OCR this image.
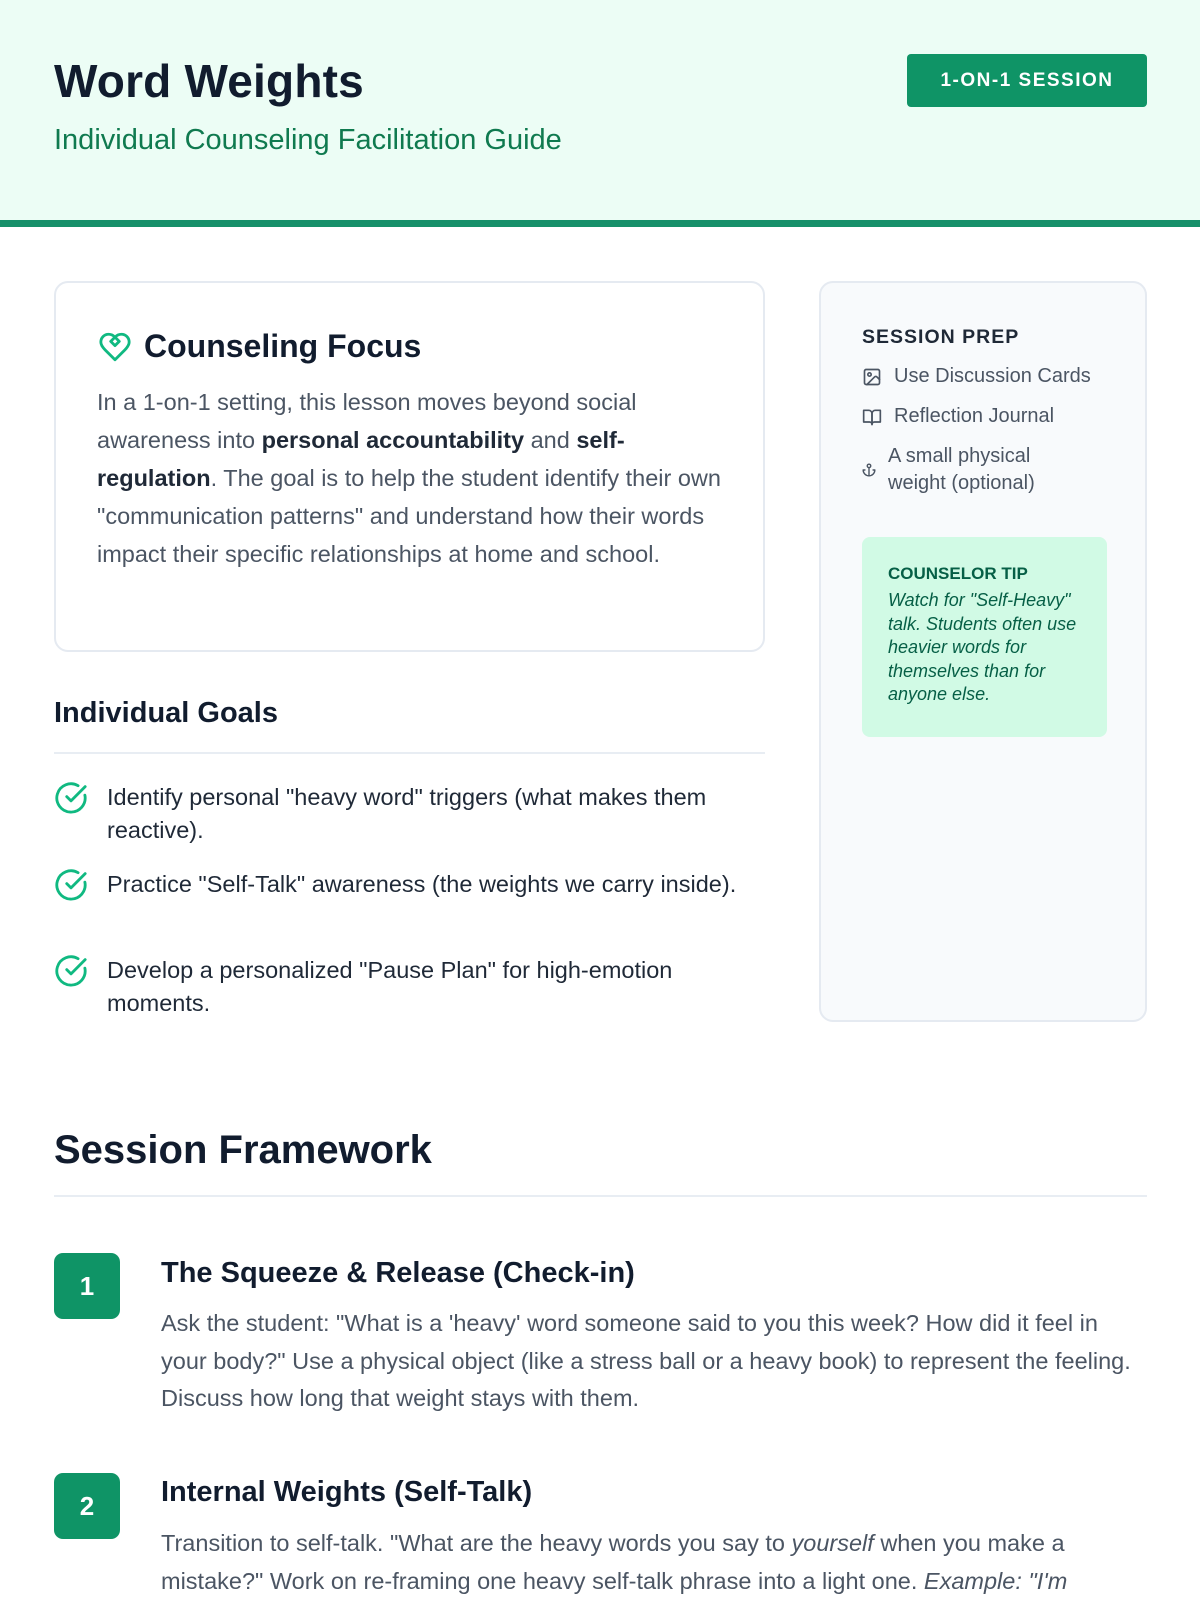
Word Weights
Individual Counseling Facilitation Guide
1-ON-1 SESSION
Counseling Focus

In a 1-on-1 setting, this lesson moves beyond social awareness into personal accountability and self-regulation. The goal is to help the student identify their own "communication patterns" and understand how their words impact their specific relationships at home and school.

Individual Goals
Identify personal "heavy word" triggers (what makes them reactive).
Practice "Self-Talk" awareness (the weights we carry inside).
Develop a personalized "Pause Plan" for high-emotion moments.
SESSION PREP
Use Discussion Cards
Reflection Journal
A small physical weight (optional)
COUNSELOR TIP
Watch for "Self-Heavy" talk. Students often use heavier words for themselves than for anyone else.
Session Framework
1	The Squeeze & Release (Check-in)

Ask the student: "What is a 'heavy' word someone said to you this week? How did it feel in your body?" Use a physical object (like a stress ball or a heavy book) to represent the feeling. Discuss how long that weight stays with them.

2	Internal Weights (Self-Talk)

Transition to self-talk. "What are the heavy words you say to yourself when you make a mistake?" Work on re-framing one heavy self-talk phrase into a light one. Example: "I'm
